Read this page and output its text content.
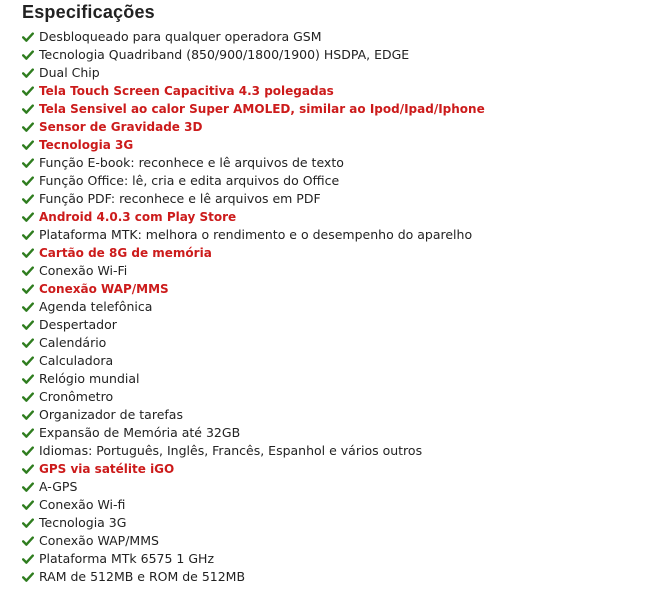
Especificações
Desbloqueado para qualquer operadora GSM
Tecnologia Quadriband (850/900/1800/1900) HSDPA, EDGE
Dual Chip
Tela Touch Screen Capacitiva 4.3 polegadas
Tela Sensivel ao calor Super AMOLED, similar ao Ipod/Ipad/Iphone
Sensor de Gravidade 3D
Tecnologia 3G
Função E-book: reconhece e lê arquivos de texto
Função Office: lê, cria e edita arquivos do Office
Função PDF: reconhece e lê arquivos em PDF
Android 4.0.3 com Play Store
Plataforma MTK: melhora o rendimento e o desempenho do aparelho
Cartão de 8G de memória
Conexão Wi-Fi
Conexão WAP/MMS
Agenda telefônica
Despertador
Calendário
Calculadora
Relógio mundial
Cronômetro
Organizador de tarefas
Expansão de Memória até 32GB
Idiomas: Português, Inglês, Francês, Espanhol e vários outros
GPS via satélite iGO
A-GPS
Conexão Wi-fi
Tecnologia 3G
Conexão WAP/MMS
Plataforma MTk 6575 1 GHz
RAM de 512MB e ROM de 512MB
